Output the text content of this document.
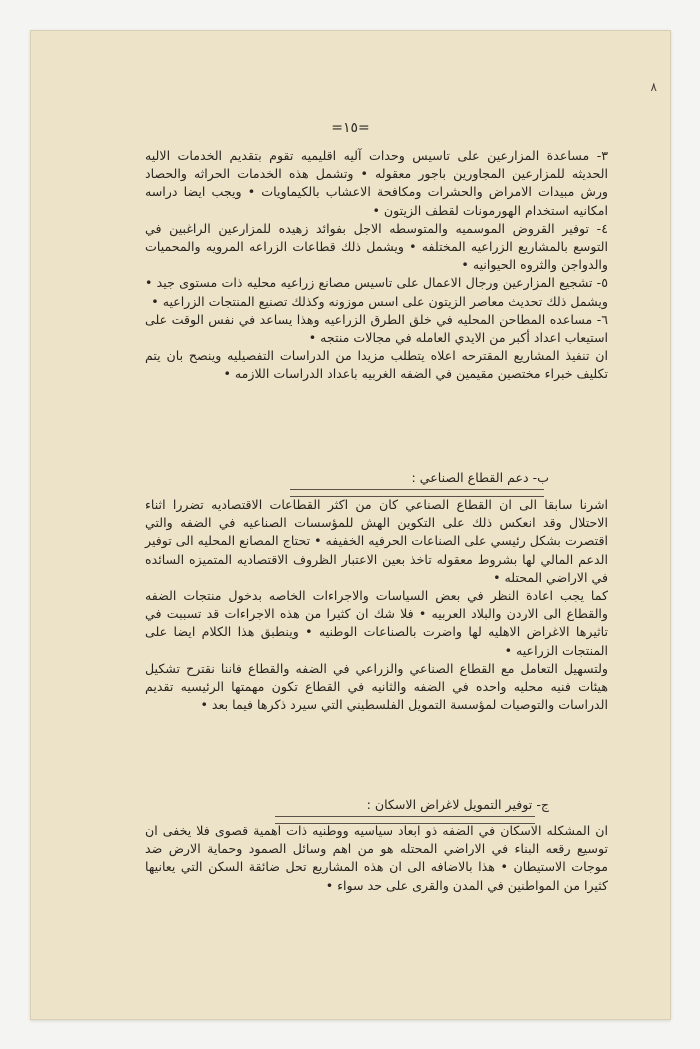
٨
=١٥=

٣- مساعدة المزارعين على تاسيس وحدات آليه اقليميه تقوم بتقديم الخدمات الاليه الحديثه للمزارعين المجاورين باجور معقوله • وتشمل هذه الخدمات الحراثه والحصاد ورش مبيدات الامراض والحشرات ومكافحة الاعشاب بالكيماويات • ويجب ايضا دراسه امكانيه استخدام الهورمونات لقطف الزيتون •

٤- توفير القروض الموسميه والمتوسطه الاجل بفوائد زهيده للمزارعين الراغبين في التوسع بالمشاريع الزراعيه المختلفه • ويشمل ذلك قطاعات الزراعه المرويه والمحميات والدواجن والثروه الحيوانيه •

٥- تشجيع المزارعين ورجال الاعمال على تاسيس مصانع زراعيه محليه ذات مستوى جيد • ويشمل ذلك تحديث معاصر الزيتون على اسس موزونه وكذلك تصنيع المنتجات الزراعيه •

٦- مساعده المطاحن المحليه في خلق الطرق الزراعيه وهذا يساعد في نفس الوقت على استيعاب اعداد أكبر من الايدي العامله في مجالات منتجه •

ان تنفيذ المشاريع المقترحه اعلاه يتطلب مزيدا من الدراسات التفصيليه وينصح بان يتم تكليف خبراء مختصين مقيمين في الضفه الغربيه باعداد الدراسات اللازمه •

ب- دعم القطاع الصناعي :

اشرنا سابقا الى ان القطاع الصناعي كان من اكثر القطاعات الاقتصاديه تضررا اثناء الاحتلال وقد انعكس ذلك على التكوين الهش للمؤسسات الصناعيه في الضفه والتي اقتصرت بشكل رئيسي على الصناعات الحرفيه الخفيفه • تحتاج المصانع المحليه الى توفير الدعم المالي لها بشروط معقوله تاخذ بعين الاعتبار الظروف الاقتصاديه المتميزه السائده في الاراضي المحتله •

كما يجب اعادة النظر في بعض السياسات والاجراءات الخاصه بدخول منتجات الضفه والقطاع الى الاردن والبلاد العربيه • فلا شك ان كثيرا من هذه الاجراءات قد تسببت في تاثيرها الاغراض الاهليه لها واضرت بالصناعات الوطنيه • وينطبق هذا الكلام ايضا على المنتجات الزراعيه •

ولتسهيل التعامل مع القطاع الصناعي والزراعي في الضفه والقطاع فاننا نقترح تشكيل هيئات فنيه محليه واحده في الضفه والثانيه في القطاع تكون مهمتها الرئيسيه تقديم الدراسات والتوصيات لمؤسسة التمويل الفلسطيني التي سيرد ذكرها فيما بعد •

ج- توفير التمويل لاغراض الاسكان :

ان المشكله الاسكان في الضفه ذو ابعاد سياسيه ووطنيه ذات اهمية قصوى فلا يخفى ان توسيع رقعه البناء في الاراضي المحتله هو من اهم وسائل الصمود وحماية الارض ضد موجات الاستيطان • هذا بالاضافه الى ان هذه المشاريع تحل ضائقة السكن التي يعانيها كثيرا من المواطنين في المدن والقرى على حد سواء •
